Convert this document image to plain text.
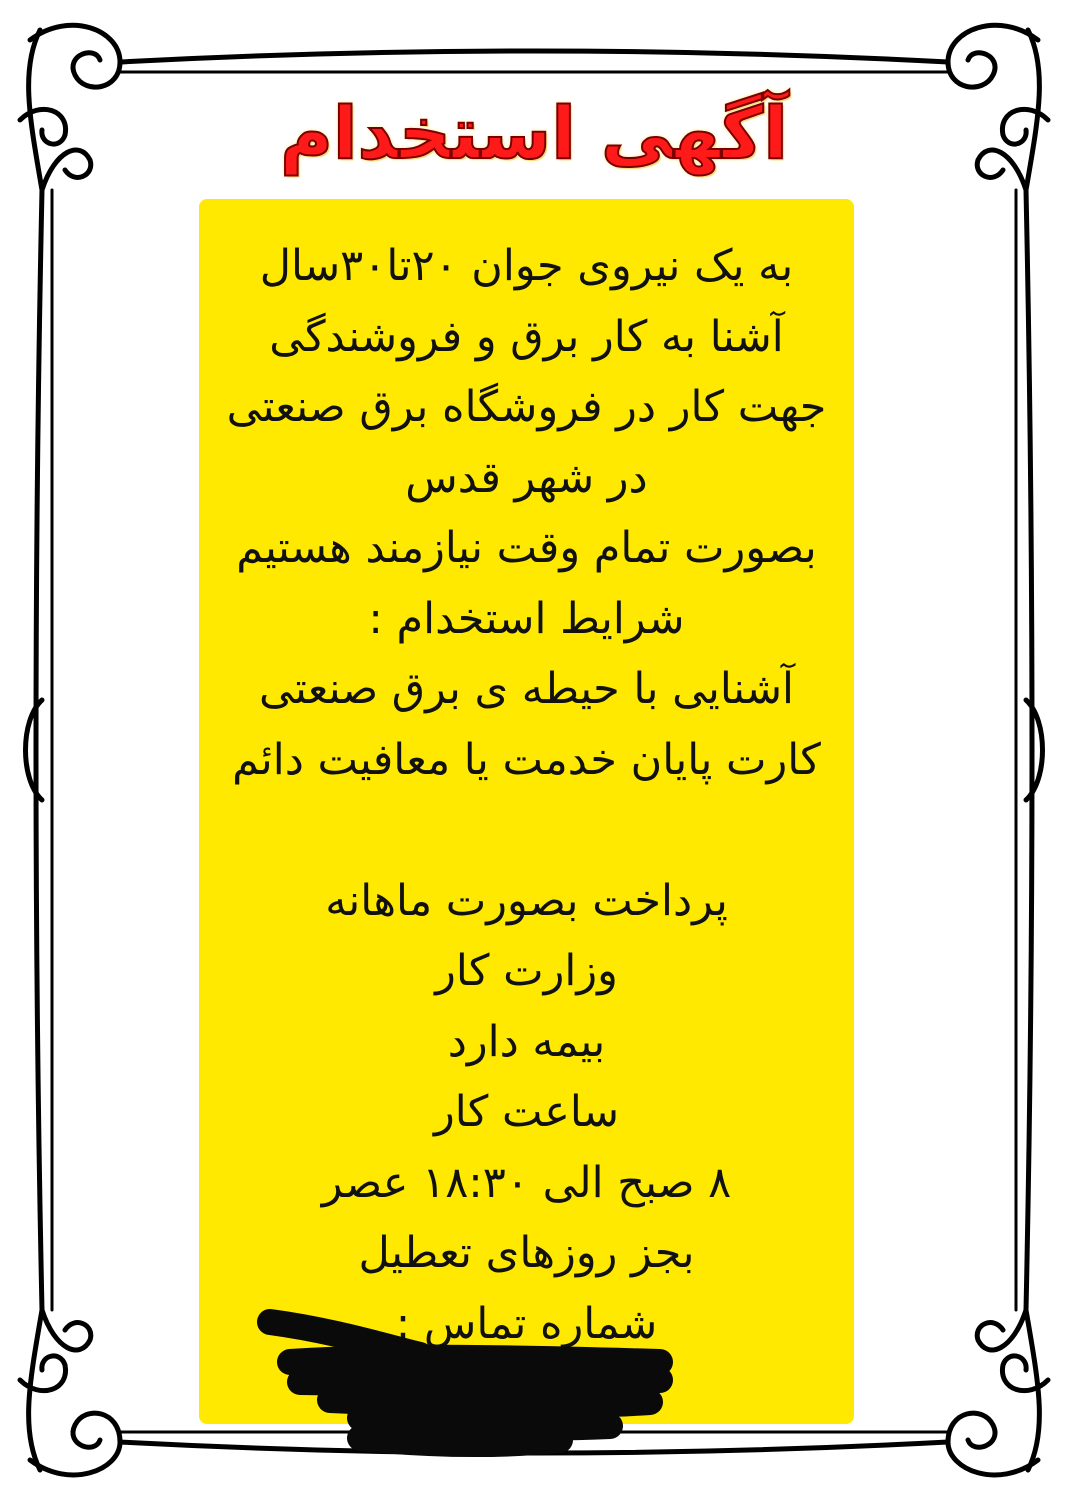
آگهی استخدام
به یک نیروی جوان ۲۰تا۳۰سال
آشنا به کار برق و فروشندگی
جهت کار در فروشگاه برق صنعتی
در شهر قدس
بصورت تمام وقت نیازمند هستیم
شرایط استخدام :
آشنایی با حیطه ی برق صنعتی
کارت پایان خدمت یا معافیت دائم
پرداخت بصورت ماهانه
وزارت کار
بیمه دارد
ساعت کار
۸ صبح الی ۱۸:۳۰ عصر
بجز روزهای تعطیل
شماره تماس :
